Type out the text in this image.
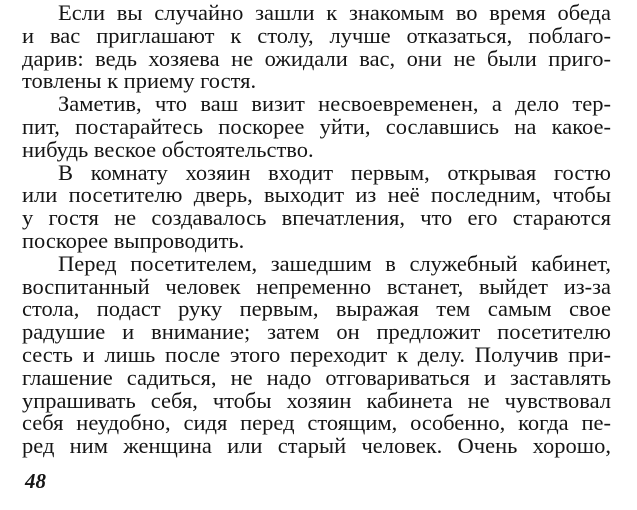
Если вы случайно зашли к знакомым во время обеда
и вас приглашают к столу, лучше отказаться, поблаго-
дарив: ведь хозяева не ожидали вас, они не были приго-
товлены к приему гостя.
Заметив, что ваш визит несвоевременен, а дело тер-
пит, постарайтесь поскорее уйти, сославшись на какое-
нибудь веское обстоятельство.
В комнату хозяин входит первым, открывая гостю
или посетителю дверь, выходит из неё последним, чтобы
у гостя не создавалось впечатления, что его стараются
поскорее выпроводить.
Перед посетителем, зашедшим в служебный кабинет,
воспитанный человек непременно встанет, выйдет из-за
стола, подаст руку первым, выражая тем самым свое
радушие и внимание; затем он предложит посетителю
сесть и лишь после этого переходит к делу. Получив при-
глашение садиться, не надо отговариваться и заставлять
упрашивать себя, чтобы хозяин кабинета не чувствовал
себя неудобно, сидя перед стоящим, особенно, когда пе-
ред ним женщина или старый человек. Очень хорошо,
48
